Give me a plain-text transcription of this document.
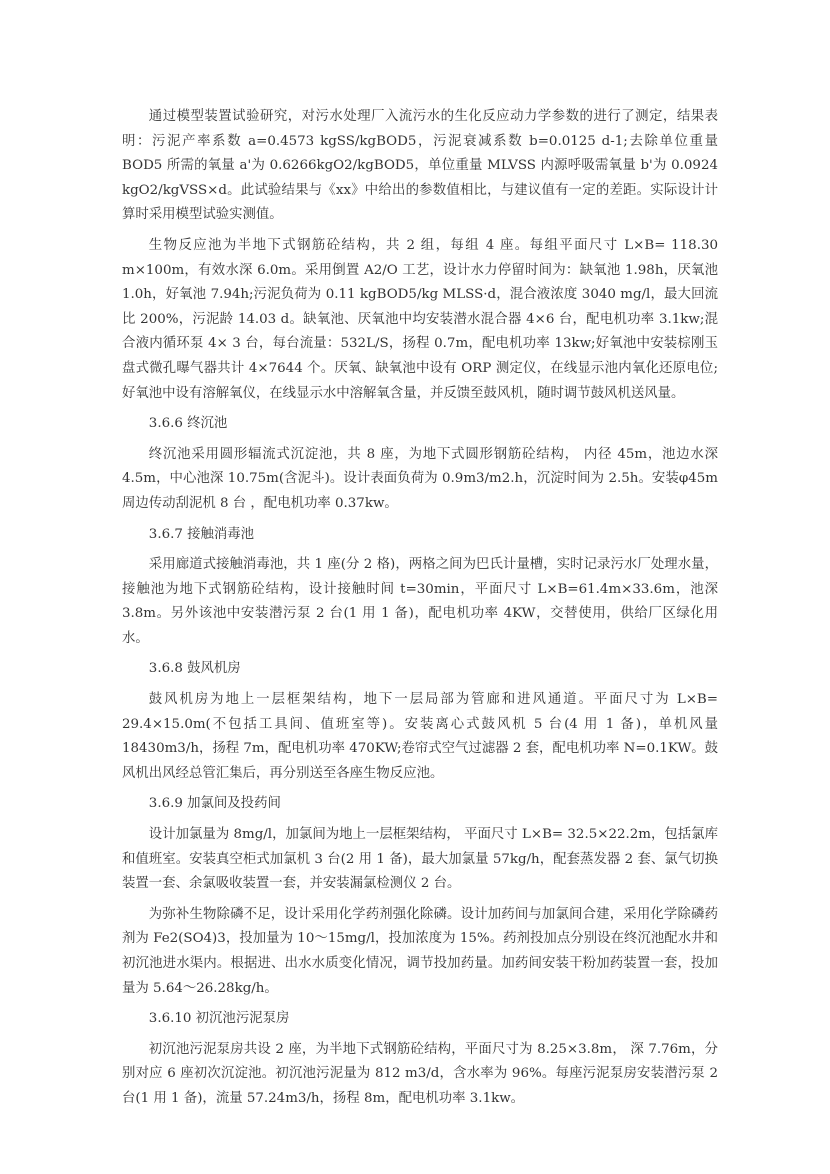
通过模型装置试验研究，对污水处理厂入流污水的生化反应动力学参数的进行了测定，结果表明：污泥产率系数 a=0.4573 kgSS/kgBOD5，污泥衰减系数 b=0.0125 d-1;去除单位重量 BOD5 所需的氧量 a'为 0.6266kgO2/kgBOD5，单位重量 MLVSS 内源呼吸需氧量 b'为 0.0924 kgO2/kgVSS×d。此试验结果与《xx》中给出的参数值相比，与建议值有一定的差距。实际设计计算时采用模型试验实测值。

生物反应池为半地下式钢筋砼结构，共 2 组，每组 4 座。每组平面尺寸 L×B= 118.30 m×100m，有效水深 6.0m。采用倒置 A2/O 工艺，设计水力停留时间为：缺氧池 1.98h，厌氧池 1.0h，好氧池 7.94h;污泥负荷为 0.11 kgBOD5/kg MLSS·d，混合液浓度 3040 mg/l，最大回流比 200%，污泥龄 14.03 d。缺氧池、厌氧池中均安装潜水混合器 4×6 台，配电机功率 3.1kw;混合液内循环泵 4× 3 台，每台流量：532L/S，扬程 0.7m，配电机功率 13kw;好氧池中安装棕刚玉盘式微孔曝气器共计 4×7644 个。厌氧、缺氧池中设有 ORP 测定仪，在线显示池内氧化还原电位;好氧池中设有溶解氧仪，在线显示水中溶解氧含量，并反馈至鼓风机，随时调节鼓风机送风量。

3.6.6 终沉池

终沉池采用圆形辐流式沉淀池，共 8 座，为地下式圆形钢筋砼结构， 内径 45m，池边水深 4.5m，中心池深 10.75m(含泥斗)。设计表面负荷为 0.9m3/m2.h，沉淀时间为 2.5h。安装φ45m 周边传动刮泥机 8 台 ，配电机功率 0.37kw。

3.6.7 接触消毒池

采用廊道式接触消毒池，共 1 座(分 2 格)，两格之间为巴氏计量槽，实时记录污水厂处理水量，接触池为地下式钢筋砼结构，设计接触时间 t=30min，平面尺寸 L×B=61.4m×33.6m，池深 3.8m。另外该池中安装潜污泵 2 台(1 用 1 备)，配电机功率 4KW，交替使用，供给厂区绿化用水。

3.6.8 鼓风机房

鼓风机房为地上一层框架结构，地下一层局部为管廊和进风通道。平面尺寸为 L×B= 29.4×15.0m(不包括工具间、值班室等)。安装离心式鼓风机 5 台(4 用 1 备)，单机风量 18430m3/h，扬程 7m，配电机功率 470KW;卷帘式空气过滤器 2 套，配电机功率 N=0.1KW。鼓风机出风经总管汇集后，再分别送至各座生物反应池。

3.6.9 加氯间及投药间

设计加氯量为 8mg/l，加氯间为地上一层框架结构， 平面尺寸 L×B= 32.5×22.2m，包括氯库和值班室。安装真空柜式加氯机 3 台(2 用 1 备)，最大加氯量 57kg/h，配套蒸发器 2 套、氯气切换装置一套、余氯吸收装置一套，并安装漏氯检测仪 2 台。

为弥补生物除磷不足，设计采用化学药剂强化除磷。设计加药间与加氯间合建，采用化学除磷药剂为 Fe2(SO4)3，投加量为 10～15mg/l，投加浓度为 15%。药剂投加点分别设在终沉池配水井和初沉池进水渠内。根据进、出水水质变化情况，调节投加药量。加药间安装干粉加药装置一套，投加量为 5.64～26.28kg/h。

3.6.10 初沉池污泥泵房

初沉池污泥泵房共设 2 座，为半地下式钢筋砼结构，平面尺寸为 8.25×3.8m， 深 7.76m，分别对应 6 座初次沉淀池。初沉池污泥量为 812 m3/d，含水率为 96%。每座污泥泵房安装潜污泵 2 台(1 用 1 备)，流量 57.24m3/h，扬程 8m，配电机功率 3.1kw。
